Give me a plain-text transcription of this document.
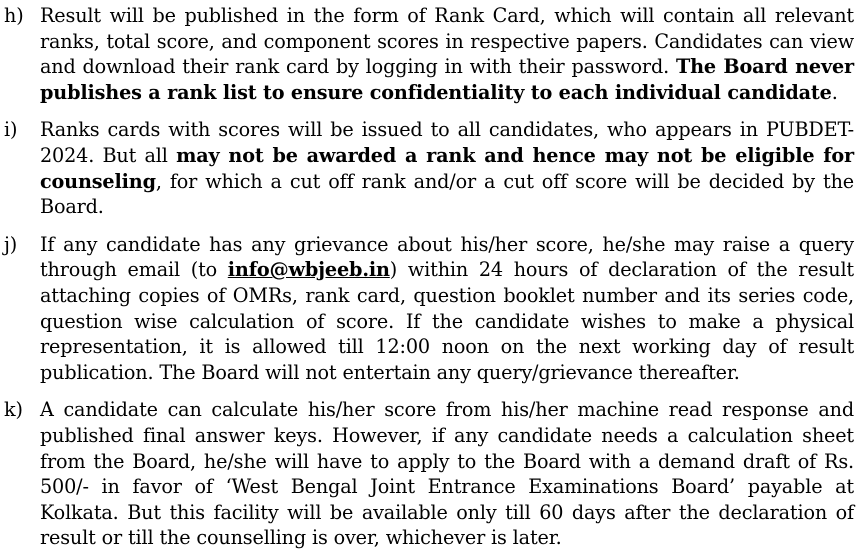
h) Result will be published in the form of Rank Card, which will contain all relevant ranks, total score, and component scores in respective papers. Candidates can view and download their rank card by logging in with their password. The Board never publishes a rank list to ensure confidentiality to each individual candidate.
i)	Ranks cards with scores will be issued to all candidates, who appears in PUBDET-2024. But all may not be awarded a rank and hence may not be eligible for counseling, for which a cut off rank and/or a cut off score will be decided by the Board.
j)	If any candidate has any grievance about his/her score, he/she may raise a query through email (to info@wbjeeb.in) within 24 hours of declaration of the result attaching copies of OMRs, rank card, question booklet number and its series code, question wise calculation of score. If the candidate wishes to make a physical representation, it is allowed till 12:00 noon on the next working day of result publication. The Board will not entertain any query/grievance thereafter.
k) A candidate can calculate his/her score from his/her machine read response and published final answer keys. However, if any candidate needs a calculation sheet from the Board, he/she will have to apply to the Board with a demand draft of Rs. 500/- in favor of ‘West Bengal Joint Entrance Examinations Board’ payable at Kolkata. But this facility will be available only till 60 days after the declaration of result or till the counselling is over, whichever is later.
